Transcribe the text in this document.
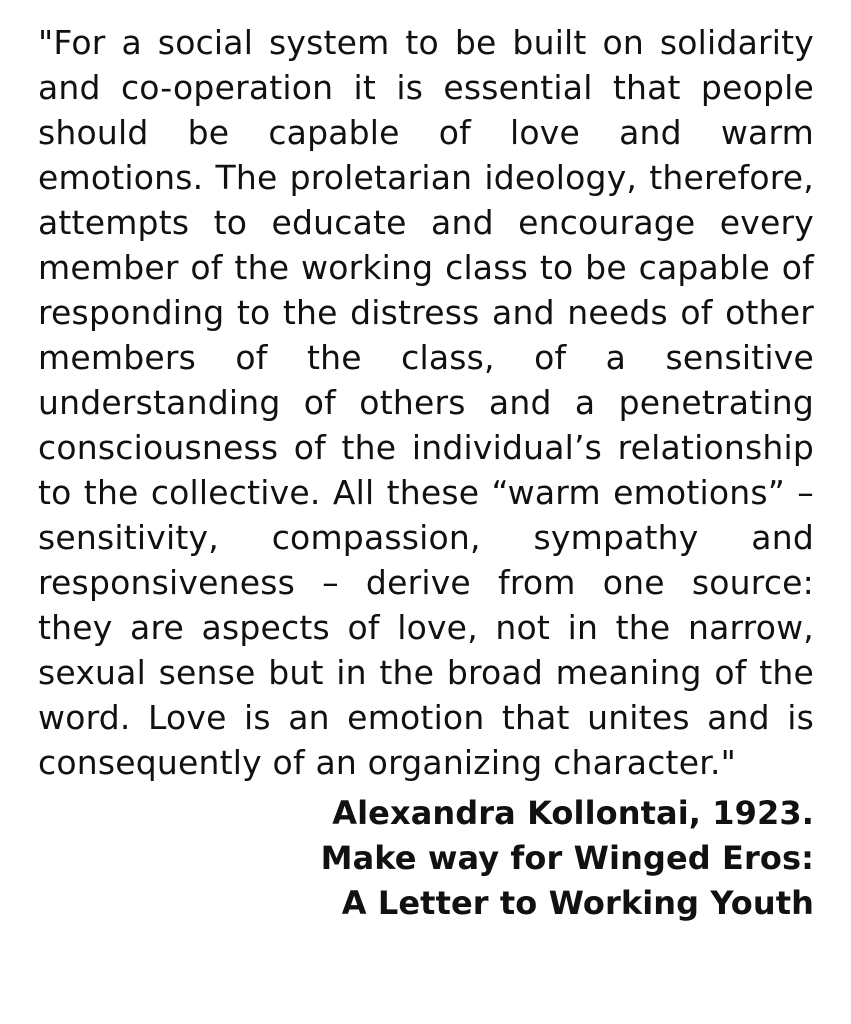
"For a social system to be built on solidarity and co-operation it is essential that people should be capable of love and warm emotions. The proletarian ideology, therefore, attempts to educate and encourage every member of the working class to be capable of responding to the distress and needs of other members of the class, of a sensitive understanding of others and a penetrating consciousness of the individual’s relationship to the collective. All these “warm emotions” – sensitivity, compassion, sympathy and responsiveness – derive from one source: they are aspects of love, not in the narrow, sexual sense but in the broad meaning of the word. Love is an emotion that unites and is consequently of an organizing character."

Alexandra Kollontai, 1923.
Make way for Winged Eros:
A Letter to Working Youth
